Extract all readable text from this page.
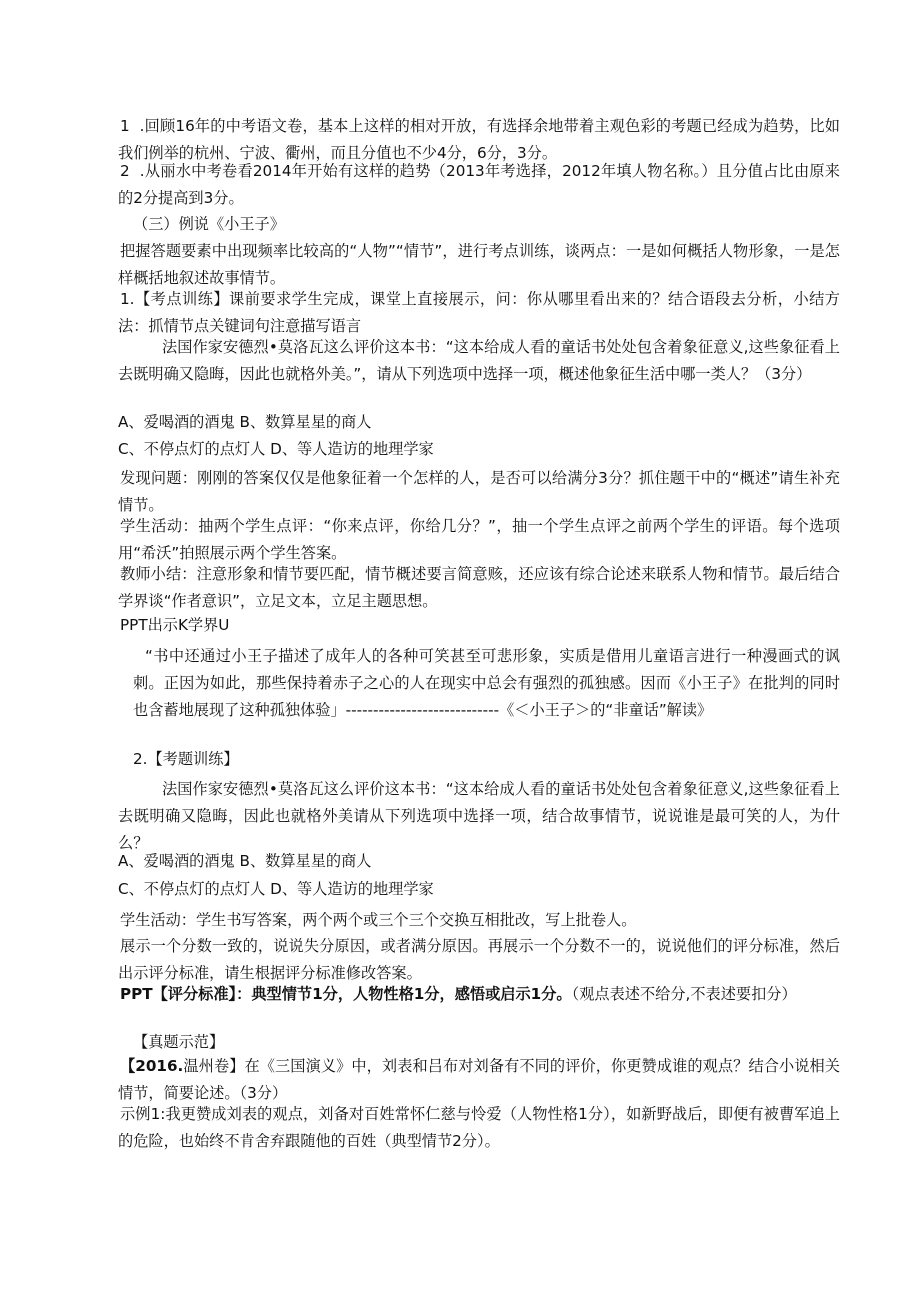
1  .回顾16年的中考语文卷，基本上这样的相对开放，有选择余地带着主观色彩的考题已经成为趋势，比如我们例举的杭州、宁波、衢州，而且分值也不少4分，6分，3分。

2  .从丽水中考卷看2014年开始有这样的趋势（2013年考选择，2012年填人物名称。）且分值占比由原来的2分提高到3分。

（三）例说《小王子》

把握答题要素中出现频率比较高的“人物”“情节”，进行考点训练，谈两点：一是如何概括人物形象，一是怎样概括地叙述故事情节。

1.【考点训练】课前要求学生完成，课堂上直接展示，问：你从哪里看出来的？结合语段去分析，小结方法：抓情节点关键词句注意描写语言

法国作家安德烈•莫洛瓦这么评价这本书：“这本给成人看的童话书处处包含着象征意义,这些象征看上去既明确又隐晦，因此也就格外美。”，请从下列选项中选择一项，概述他象征生活中哪一类人？（3分）

A、爱喝酒的酒鬼 B、数算星星的商人

C、不停点灯的点灯人 D、等人造访的地理学家

发现问题：刚刚的答案仅仅是他象征着一个怎样的人，是否可以给满分3分？抓住题干中的“概述”请生补充情节。

学生活动：抽两个学生点评：“你来点评，你给几分？”，抽一个学生点评之前两个学生的评语。每个选项用“希沃”拍照展示两个学生答案。

教师小结：注意形象和情节要匹配，情节概述要言简意赅，还应该有综合论述来联系人物和情节。最后结合学界谈“作者意识”，立足文本，立足主题思想。

PPT出示K学界U

“书中还通过小王子描述了成年人的各种可笑甚至可悲形象，实质是借用儿童语言进行一种漫画式的讽刺。正因为如此，那些保持着赤子之心的人在现实中总会有强烈的孤独感。因而《小王子》在批判的同时也含蓄地展现了这种孤独体验」----------------------------《＜小王子＞的“非童话”解读》

2.【考题训练】

法国作家安德烈•莫洛瓦这么评价这本书：“这本给成人看的童话书处处包含着象征意义,这些象征看上去既明确又隐晦，因此也就格外美请从下列选项中选择一项，结合故事情节，说说谁是最可笑的人，为什么？

A、爱喝酒的酒鬼 B、数算星星的商人

C、不停点灯的点灯人 D、等人造访的地理学家

学生活动：学生书写答案，两个两个或三个三个交换互相批改，写上批卷人。

展示一个分数一致的，说说失分原因，或者满分原因。再展示一个分数不一的，说说他们的评分标准，然后出示评分标准，请生根据评分标准修改答案。

PPT【评分标准】：典型情节1分，人物性格1分，感悟或启示1分。（观点表述不给分,不表述要扣分）

【真题示范】

【2016.温州卷】在《三国演义》中，刘表和吕布对刘备有不同的评价，你更赞成谁的观点？结合小说相关情节，简要论述。（3分）

示例1:我更赞成刘表的观点，刘备对百姓常怀仁慈与怜爱（人物性格1分），如新野战后，即便有被曹军追上的危险，也始终不肯舍弃跟随他的百姓（典型情节2分）。
